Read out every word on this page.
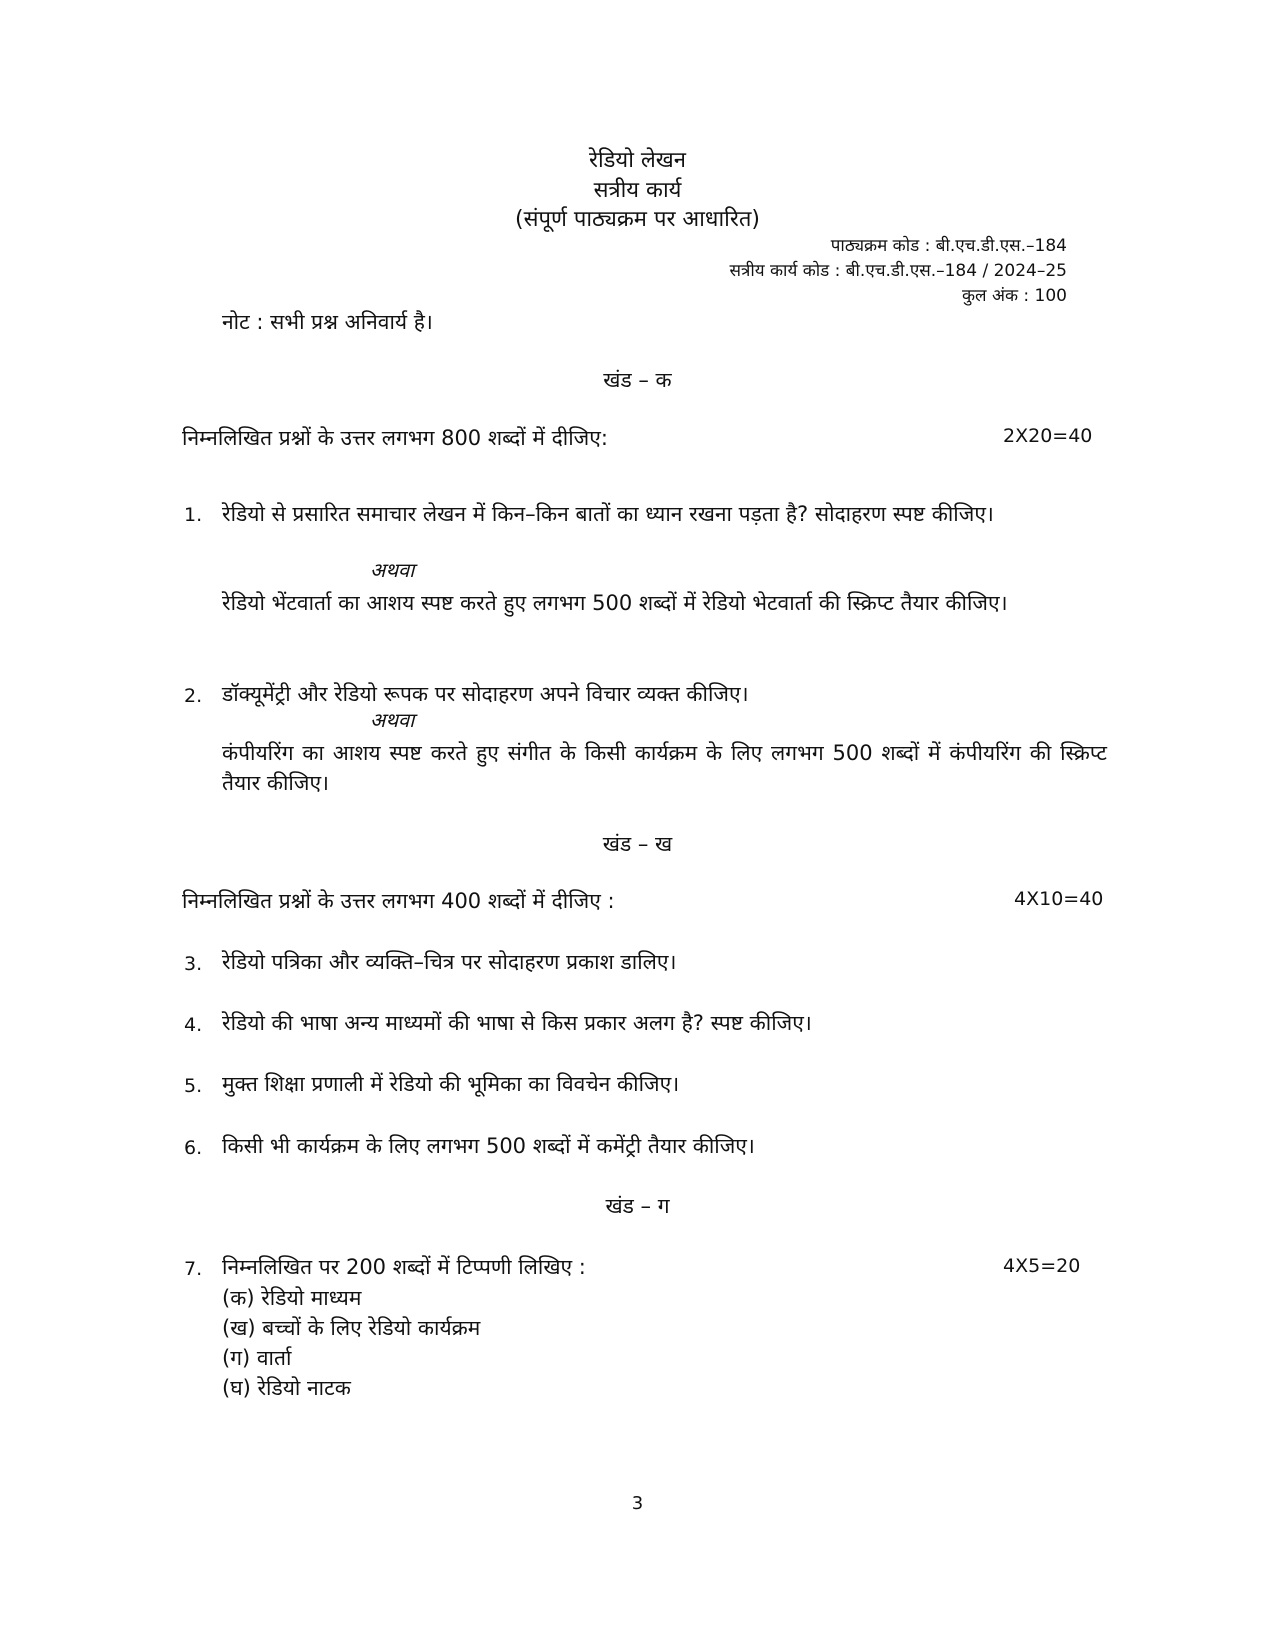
रेडियो लेखन
सत्रीय कार्य
(संपूर्ण पाठ्यक्रम पर आधारित)
पाठ्यक्रम कोड : बी.एच.डी.एस.–184
सत्रीय कार्य कोड : बी.एच.डी.एस.–184 / 2024–25
कुल अंक : 100
नोट : सभी प्रश्न अनिवार्य है।
खंड – क
निम्नलिखित प्रश्नों के उत्तर लगभग 800 शब्दों में दीजिए:	2X20=40
1. रेडियो से प्रसारित समाचार लेखन में किन–किन बातों का ध्यान रखना पड़ता है? सोदाहरण स्पष्ट कीजिए।
अथवा
रेडियो भेंटवार्ता का आशय स्पष्ट करते हुए लगभग 500 शब्दों में रेडियो भेटवार्ता की स्क्रिप्ट तैयार कीजिए।
2. डॉक्यूमेंट्री और रेडियो रूपक पर सोदाहरण अपने विचार व्यक्त कीजिए।
अथवा
कंपीयरिंग का आशय स्पष्ट करते हुए संगीत के किसी कार्यक्रम के लिए लगभग 500 शब्दों में कंपीयरिंग की स्क्रिप्ट तैयार कीजिए।
खंड – ख
निम्नलिखित प्रश्नों के उत्तर लगभग 400 शब्दों में दीजिए :	4X10=40
3. रेडियो पत्रिका और व्यक्ति–चित्र पर सोदाहरण प्रकाश डालिए।
4. रेडियो की भाषा अन्य माध्यमों की भाषा से किस प्रकार अलग है? स्पष्ट कीजिए।
5. मुक्त शिक्षा प्रणाली में रेडियो की भूमिका का विवचेन कीजिए।
6. किसी भी कार्यक्रम के लिए लगभग 500 शब्दों में कमेंट्री तैयार कीजिए।
खंड – ग
7. निम्नलिखित पर 200 शब्दों में टिप्पणी लिखिए :	4X5=20
(क) रेडियो माध्यम
(ख) बच्चों के लिए रेडियो कार्यक्रम
(ग) वार्ता
(घ) रेडियो नाटक
3
